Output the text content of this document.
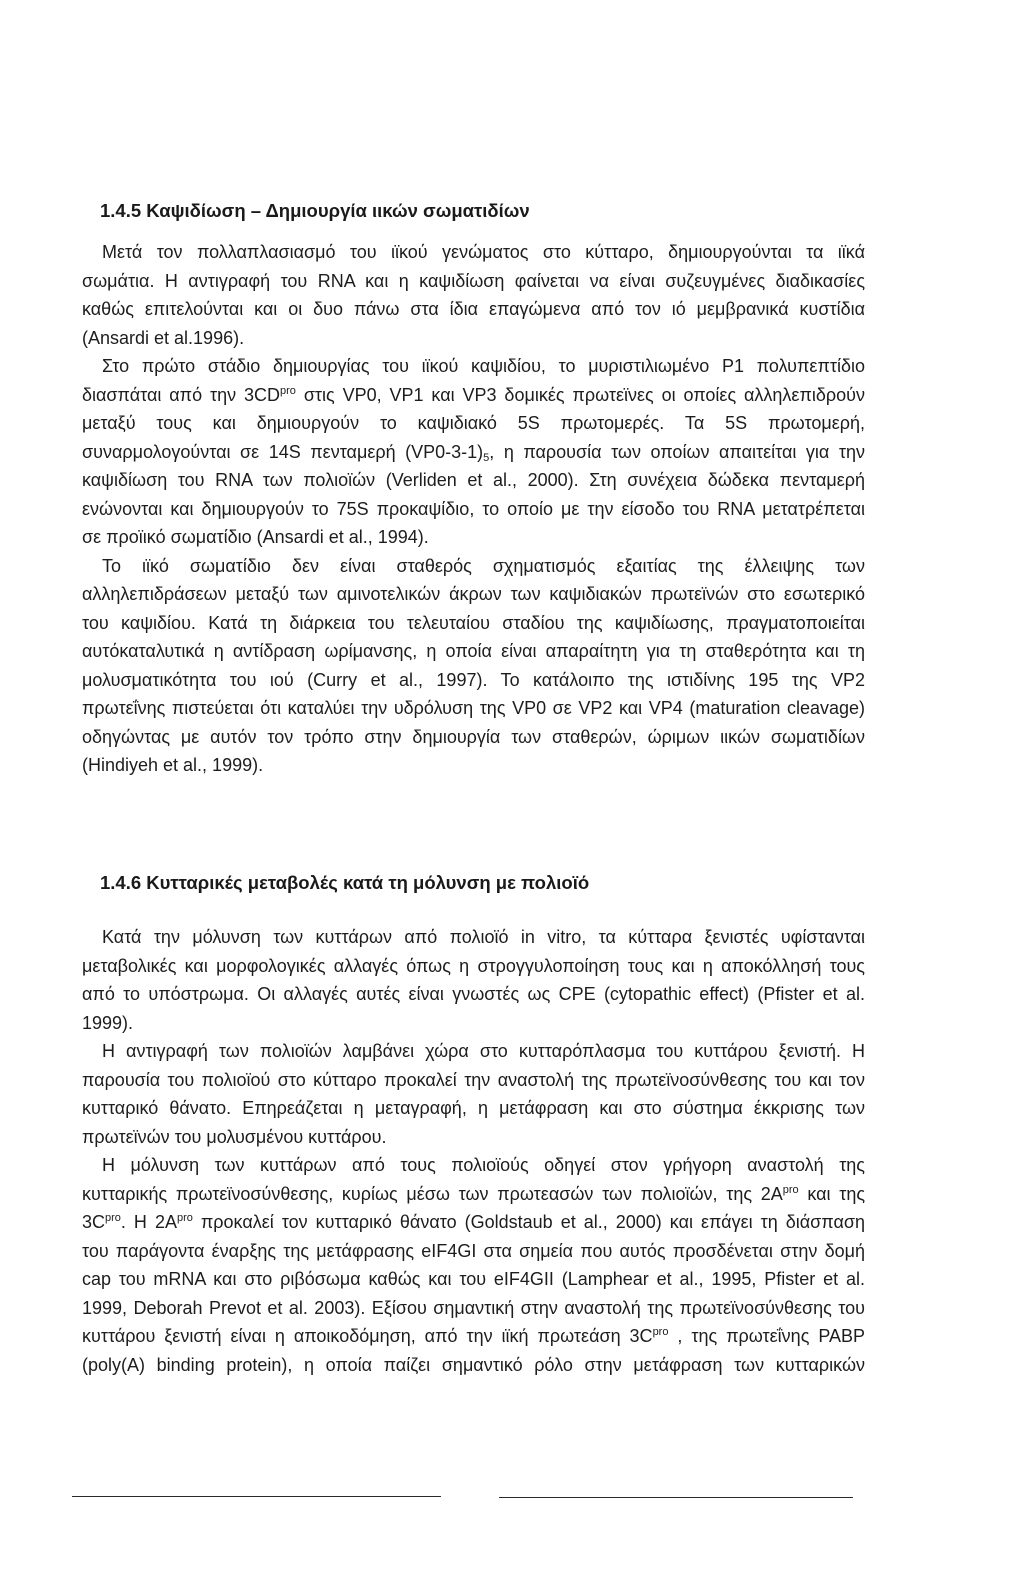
1.4.5 Καψιδίωση – Δημιουργία ιικών σωματιδίων
Μετά τον πολλαπλασιασμό του ιϊκού γενώματος στο κύτταρο, δημιουργούνται τα ιϊκά
σωμάτια. Η αντιγραφή του RNA και η καψιδίωση φαίνεται να είναι συζευγμένες διαδικασίες
καθώς επιτελούνται και οι δυο πάνω στα ίδια επαγώμενα από τον ιό μεμβρανικά κυστίδια
(Ansardi et al.1996).
Στο πρώτο στάδιο δημιουργίας του ιϊκού καψιδίου, το μυριστιλιωμένο P1 πολυπεπτίδιο
διασπάται από την $3CD^{pro}$ στις VP0, VP1 και VP3 δομικές πρωτεϊνες οι οποίες αλληλεπιδρούν
μεταξύ τους και δημιουργούν το καψιδιακό 5S πρωτομερές. Τα 5S πρωτομερή,
συναρμολογούνται σε 14S πενταμερή $(VP0-3-1)_5$, η παρουσία των οποίων απαιτείται για την
καψιδίωση του RNA των πολιοϊών (Verliden et al., 2000). Στη συνέχεια δώδεκα πενταμερή
ενώνονται και δημιουργούν το 75S προκαψίδιο, το οποίο με την είσοδο του RNA μετατρέπεται
σε προϊικό σωματίδιο (Ansardi et al., 1994).
Το ιϊκό σωματίδιο δεν είναι σταθερός σχηματισμός εξαιτίας της έλλειψης των
αλληλεπιδράσεων μεταξύ των αμινοτελικών άκρων των καψιδιακών πρωτεϊνών στο εσωτερικό
του καψιδίου. Κατά τη διάρκεια του τελευταίου σταδίου της καψιδίωσης, πραγματοποιείται
αυτόκαταλυτικά η αντίδραση ωρίμανσης, η οποία είναι απαραίτητη για τη σταθερότητα και τη
μολυσματικότητα του ιού (Curry et al., 1997). Το κατάλοιπο της ιστιδίνης 195 της VP2
πρωτεΐνης πιστεύεται ότι καταλύει την υδρόλυση της VP0 σε VP2 και VP4 (maturation cleavage)
οδηγώντας με αυτόν τον τρόπο στην δημιουργία των σταθερών, ώριμων ιικών σωματιδίων
(Hindiyeh et al., 1999).
1.4.6 Κυτταρικές μεταβολές κατά τη μόλυνση με πολιοϊό
Κατά την μόλυνση των κυττάρων από πολιοϊό in vitro, τα κύτταρα ξενιστές υφίστανται
μεταβολικές και μορφολογικές αλλαγές όπως η στρογγυλοποίηση τους και η αποκόλλησή τους
από το υπόστρωμα. Οι αλλαγές αυτές είναι γνωστές ως CPE (cytopathic effect) (Pfister et al.
1999).
Η αντιγραφή των πολιοϊών λαμβάνει χώρα στο κυτταρόπλασμα του κυττάρου ξενιστή. Η
παρουσία του πολιοϊού στο κύτταρο προκαλεί την αναστολή της πρωτεϊνοσύνθεσης του και τον
κυτταρικό θάνατο. Επηρεάζεται η μεταγραφή, η μετάφραση και στο σύστημα έκκρισης των
πρωτεϊνών του μολυσμένου κυττάρου.
Η μόλυνση των κυττάρων από τους πολιοϊούς οδηγεί στον γρήγορη αναστολή της
κυτταρικής πρωτεϊνοσύνθεσης, κυρίως μέσω των πρωτεασών των πολιοϊών, της $2A^{pro}$ και της
$3C^{pro}$. Η $2A^{pro}$ προκαλεί τον κυτταρικό θάνατο (Goldstaub et al., 2000) και επάγει τη διάσπαση
του παράγοντα έναρξης της μετάφρασης eIF4GI στα σημεία που αυτός προσδένεται στην δομή
cap του mRNA και στο ριβόσωμα καθώς και του eIF4GII (Lamphear et al., 1995, Pfister et al.
1999, Deborah Prevot et al. 2003). Εξίσου σημαντική στην αναστολή της πρωτεϊνοσύνθεσης του
κυττάρου ξενιστή είναι η αποικοδόμηση, από την ιϊκή πρωτεάση $3C^{pro}$ , της πρωτεΐνης PABP
(poly(A) binding protein), η οποία παίζει σημαντικό ρόλο στην μετάφραση των κυτταρικών
